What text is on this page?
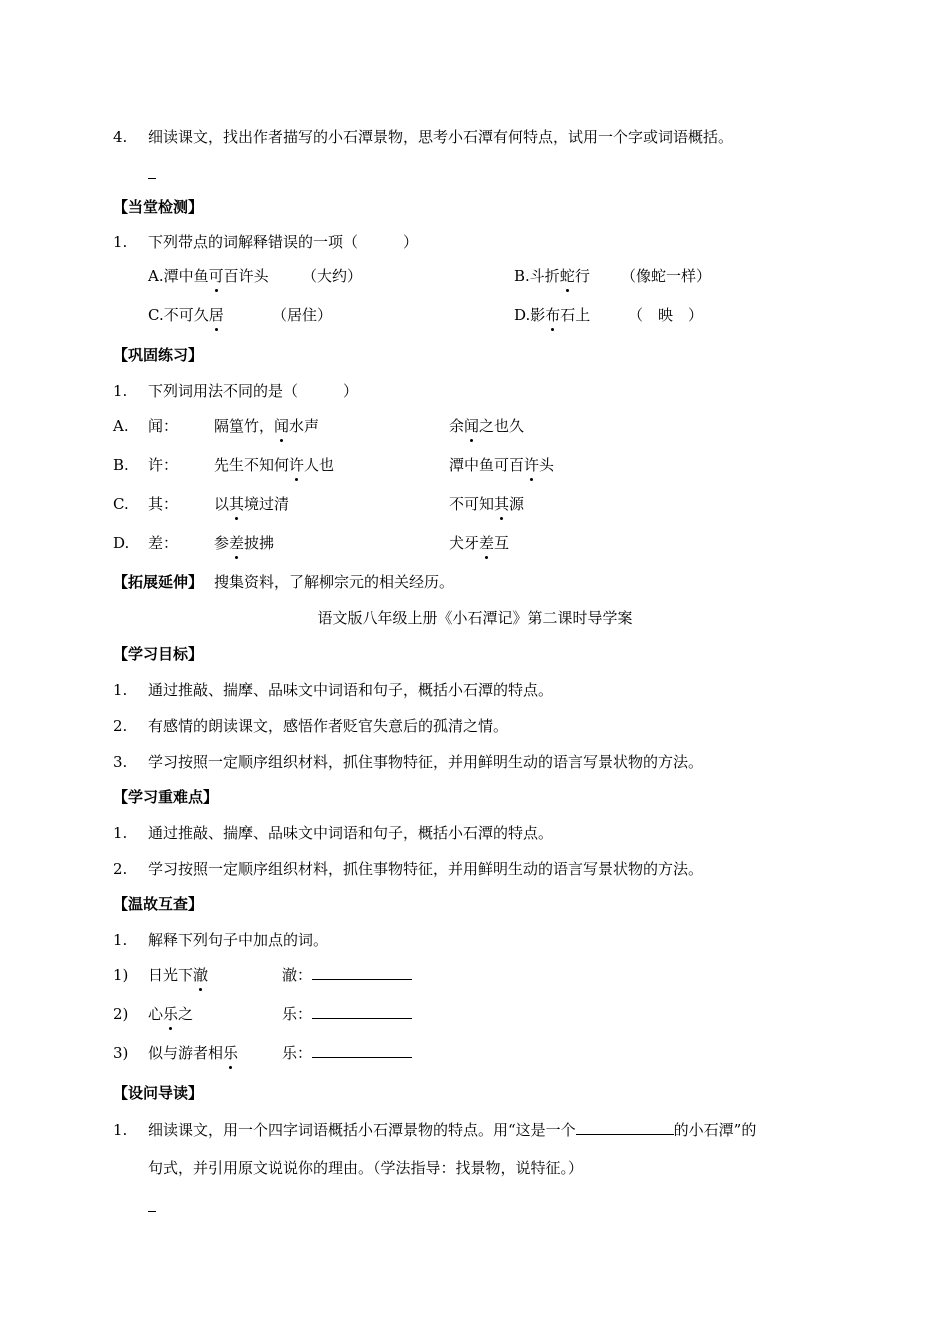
4. 细读课文，找出作者描写的小石潭景物，思考小石潭有何特点，试用一个字或词语概括。
【当堂检测】
1. 下列带点的词解释错误的一项（　　　）
A.潭中鱼可百许头 （大约）	B.斗折蛇行 （像蛇一样）
C.不可久居	（居住）	D.影布石上	（　映　）
【巩固练习】
1. 下列词用法不同的是（　　　）
A. 闻： 隔篁竹，闻水声	余闻之也久
B. 许： 先生不知何许人也	潭中鱼可百许头
C. 其： 以其境过清	不可知其源
D. 差： 参差披拂	犬牙差互
【拓展延伸】 搜集资料，了解柳宗元的相关经历。
语文版八年级上册《小石潭记》第二课时导学案
【学习目标】
1. 通过推敲、揣摩、品味文中词语和句子，概括小石潭的特点。
2. 有感情的朗读课文，感悟作者贬官失意后的孤清之情。
3. 学习按照一定顺序组织材料，抓住事物特征，并用鲜明生动的语言写景状物的方法。
【学习重难点】
1. 通过推敲、揣摩、品味文中词语和句子，概括小石潭的特点。
2. 学习按照一定顺序组织材料，抓住事物特征，并用鲜明生动的语言写景状物的方法。
【温故互查】
1. 解释下列句子中加点的词。
1) 日光下澈	澈：
2) 心乐之	乐：
3) 似与游者相乐	乐：
【设问导读】
1. 细读课文，用一个四字词语概括小石潭景物的特点。用“这是一个	的小石潭”的
句式，并引用原文说说你的理由。（学法指导：找景物，说特征。）
